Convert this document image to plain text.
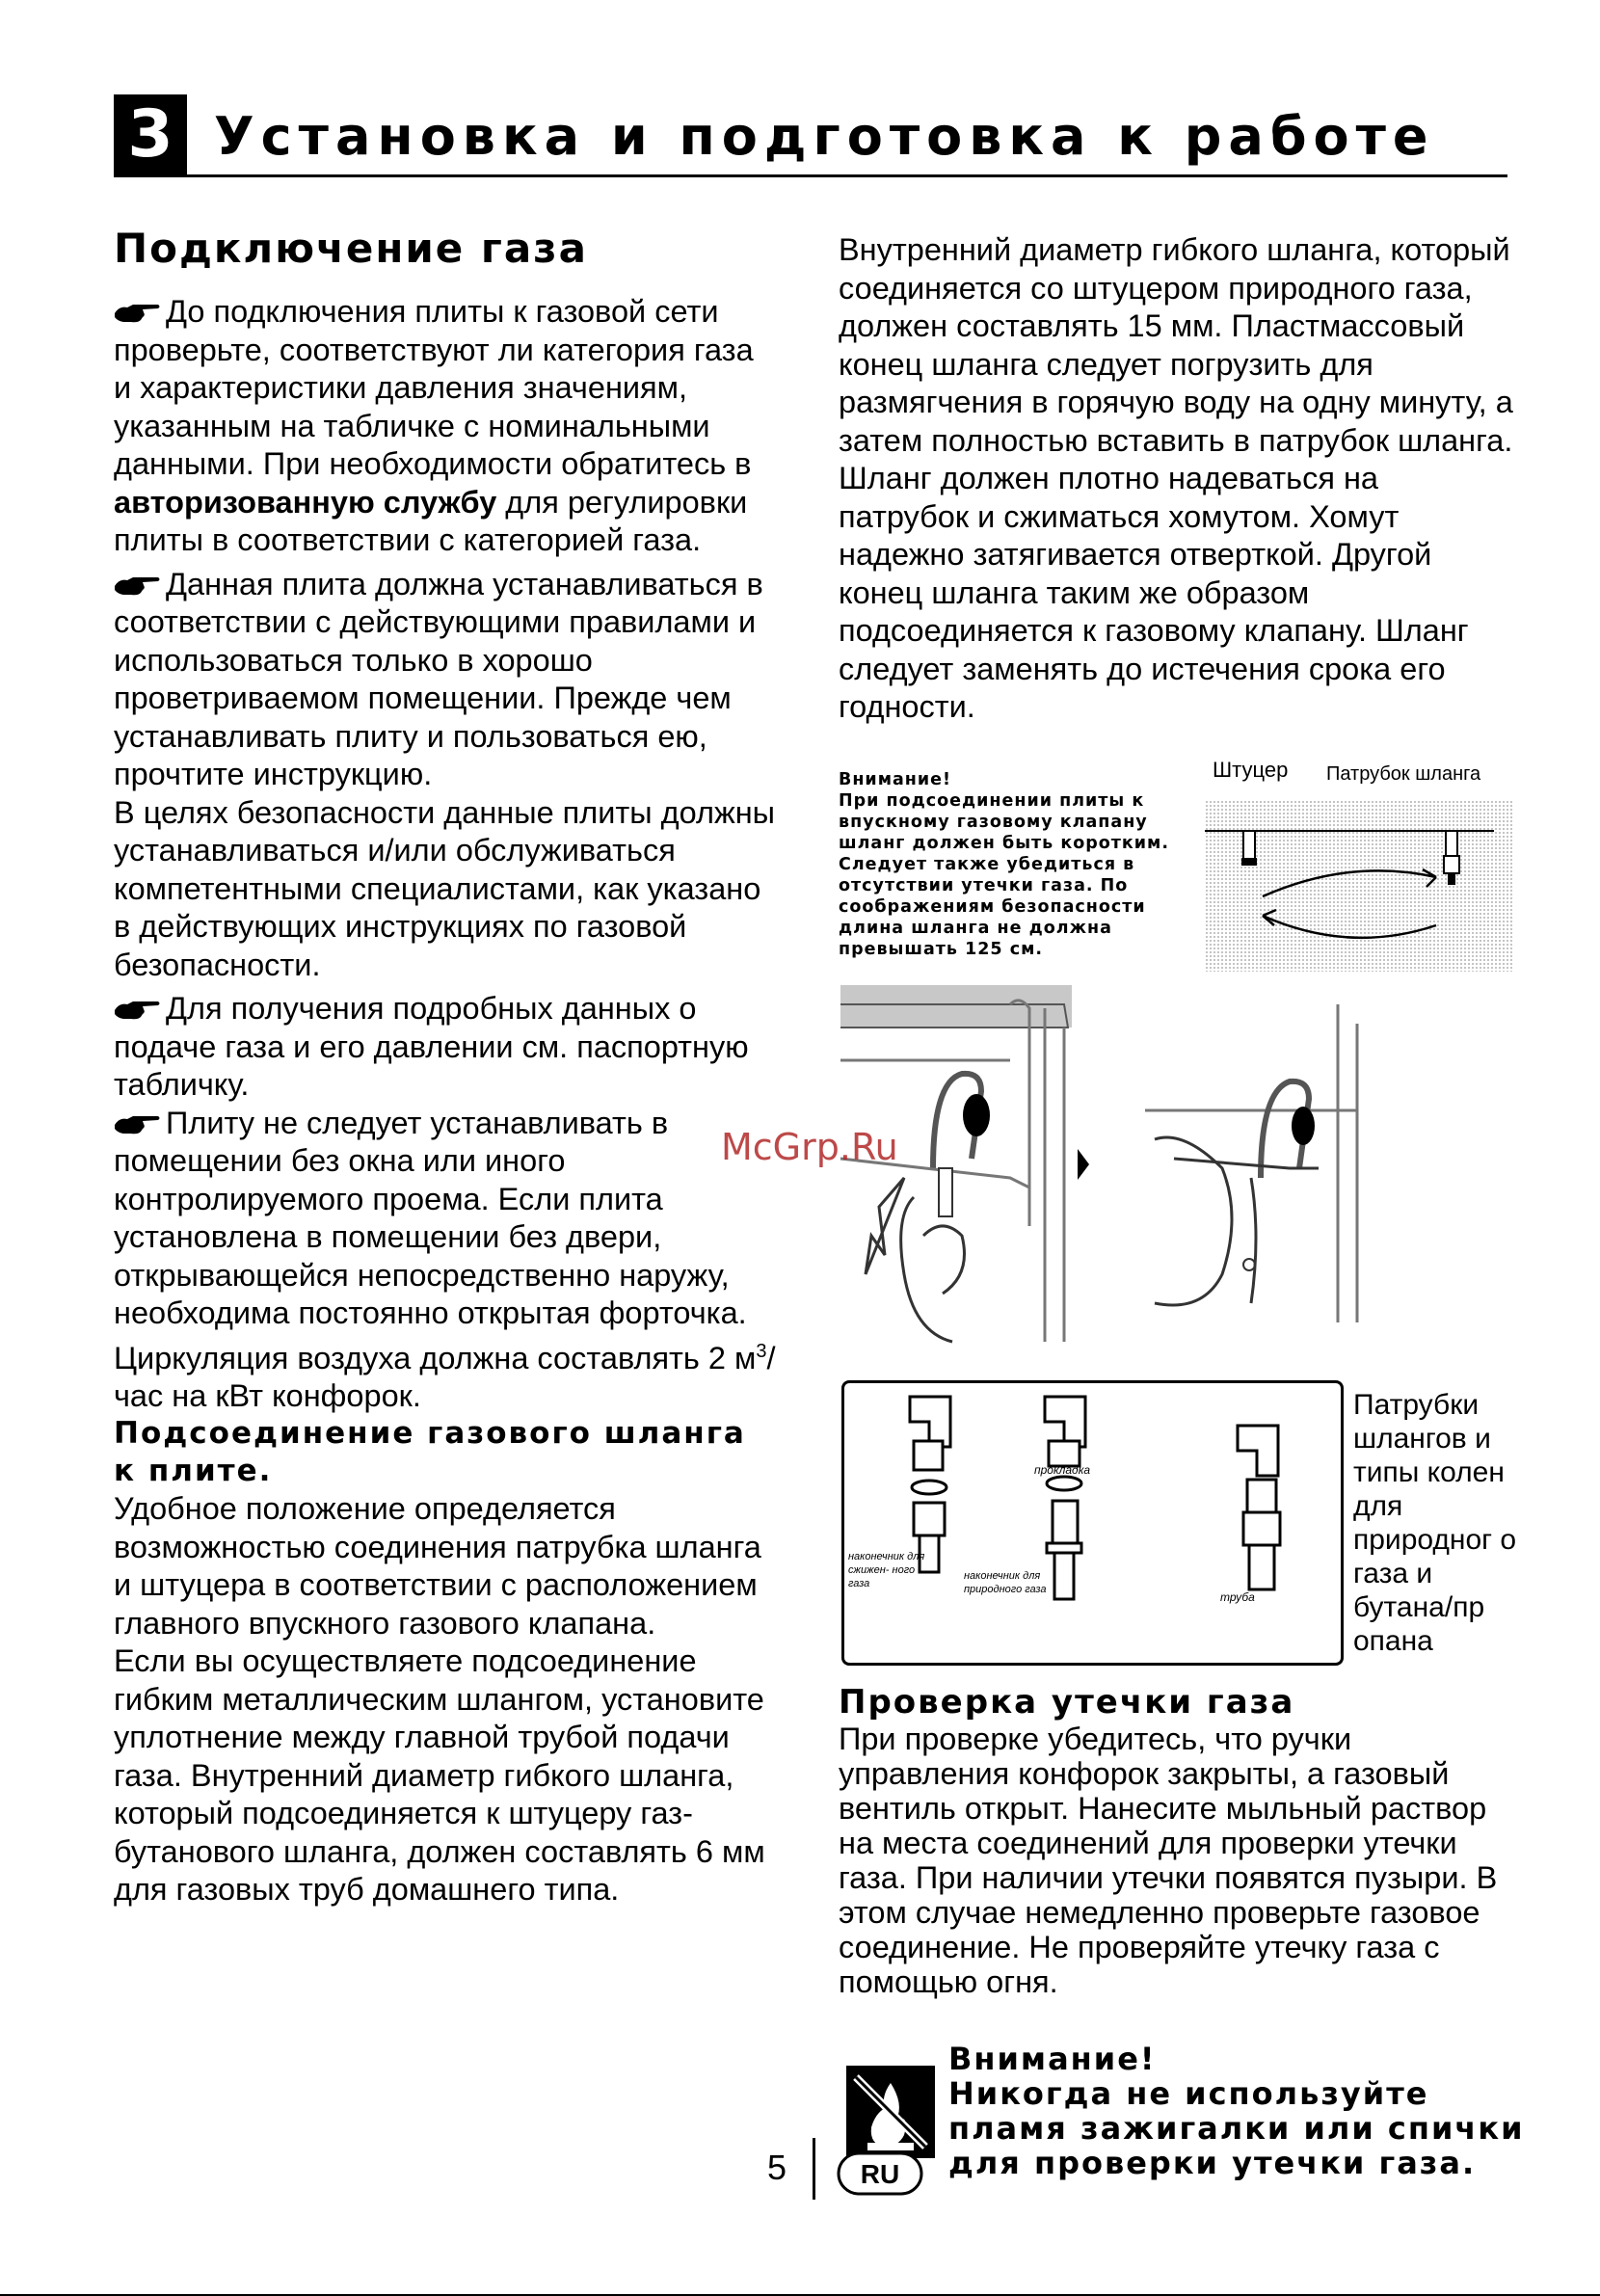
3 Установка и подготовка к работе
Подключение газа

До подключения плиты к газовой сети проверьте, соответствуют ли категория газа и характеристики давления значениям, указанным на табличке с номинальными данными. При необходимости обратитесь в авторизованную службу для регулировки плиты в соответствии с категорией газа.

Данная плита должна устанавливаться в соответствии с действующими правилами и использоваться только в хорошо проветриваемом помещении. Прежде чем устанавливать плиту и пользоваться ею, прочтите инструкцию.

В целях безопасности данные плиты должны устанавливаться и/или обслуживаться компетентными специалистами, как указано в действующих инструкциях по газовой безопасности.

Для получения подробных данных о подаче газа и его давлении см. паспортную табличку.

Плиту не следует устанавливать в помещении без окна или иного контролируемого проема. Если плита установлена в помещении без двери, открывающейся непосредственно наружу, необходима постоянно открытая форточка.

Циркуляция воздуха должна составлять 2 $м^3$/час на кВт конфорок.

Подсоединение газового шланга к плите.

Удобное положение определяется возможностью соединения патрубка шланга и штуцера в соответствии с расположением главного впускного газового клапана.

Если вы осуществляете подсоединение гибким металлическим шлангом, установите уплотнение между главной трубой подачи газа. Внутренний диаметр гибкого шланга, который подсоединяется к штуцеру газ-бутанового шланга, должен составлять 6 мм для газовых труб домашнего типа.

Внутренний диаметр гибкого шланга, который соединяется со штуцером природного газа, должен составлять 15 мм. Пластмассовый конец шланга следует погрузить для размягчения в горячую воду на одну минуту, а затем полностью вставить в патрубок шланга. Шланг должен плотно надеваться на патрубок и сжиматься хомутом. Хомут надежно затягивается отверткой. Другой конец шланга таким же образом подсоединяется к газовому клапану. Шланг следует заменять до истечения срока его годности.

Внимание!
При подсоединении плиты к впускному газовому клапану шланг должен быть коротким. Следует также убедиться в отсутствии утечки газа. По соображениям безопасности длина шланга не должна превышать 125 см.
Штуцер Патрубок шланга
прокладка
наконечник для сжижен- ного газа
наконечник для природного газа
труба
Патрубки шлангов и типы колен для природног о газа и бутана/пр опана
Проверка утечки газа

При проверке убедитесь, что ручки управления конфорок закрыты, а газовый вентиль открыт. Нанесите мыльный раствор на места соединений для проверки утечки газа. При наличии утечки появятся пузыри. В этом случае немедленно проверьте газовое соединение. Не проверяйте утечку газа с помощью огня.

Внимание!
Никогда не используйте пламя зажигалки или спички для проверки утечки газа.
McGrp.Ru
5	RU
